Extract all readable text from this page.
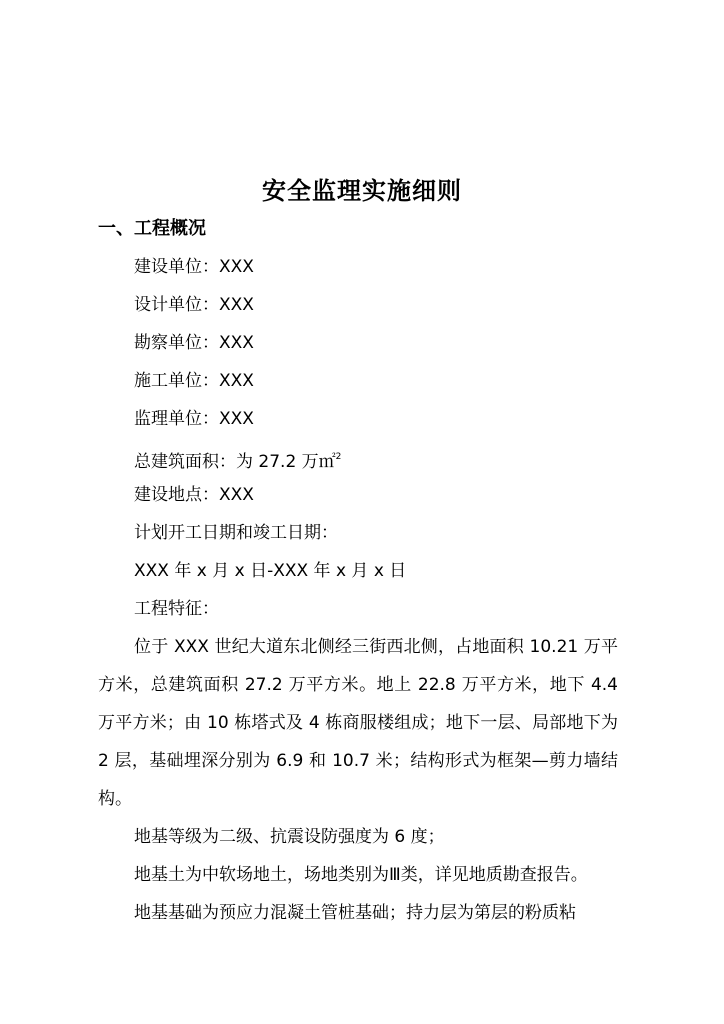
安全监理实施细则
一、工程概况
建设单位：XXX
设计单位：XXX
勘察单位：XXX
施工单位：XXX
监理单位：XXX
总建筑面积：为 27.2 万㎡$^2$
建设地点：XXX
计划开工日期和竣工日期：
XXX 年 x 月 x 日-XXX 年 x 月 x 日
工程特征：
位于 XXX 世纪大道东北侧经三街西北侧，占地面积 10.21 万平方米，总建筑面积 27.2 万平方米。地上 22.8 万平方米，地下 4.4 万平方米；由 10 栋塔式及 4 栋商服楼组成；地下一层、局部地下为 2 层，基础埋深分别为 6.9 和 10.7 米；结构形式为框架—剪力墙结构。
地基等级为二级、抗震设防强度为 6 度；
地基土为中软场地土，场地类别为Ⅲ类，详见地质勘查报告。
地基基础为预应力混凝土管桩基础；持力层为第层的粉质粘
